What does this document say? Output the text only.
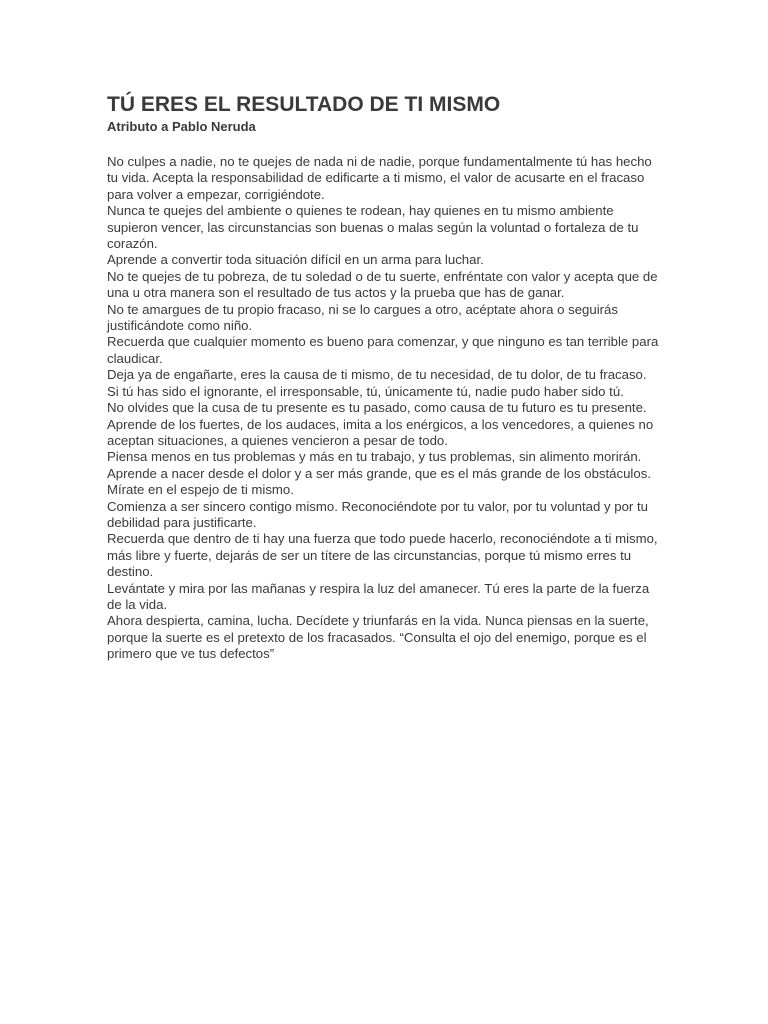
TÚ ERES EL RESULTADO DE TI MISMO
Atributo a Pablo Neruda

No culpes a nadie, no te quejes de nada ni de nadie, porque fundamentalmente tú has hecho tu vida. Acepta la responsabilidad de edificarte a ti mismo, el valor de acusarte en el fracaso para volver a empezar, corrigiéndote.

Nunca te quejes del ambiente o quienes te rodean, hay quienes en tu mismo ambiente supieron vencer, las circunstancias son buenas o malas según la voluntad o fortaleza de tu corazón.

Aprende a convertir toda situación difícil en un arma para luchar.

No te quejes de tu pobreza, de tu soledad o de tu suerte, enfréntate con valor y acepta que de una u otra manera son el resultado de tus actos y la prueba que has de ganar.

No te amargues de tu propio fracaso, ni se lo cargues a otro, acéptate ahora o seguirás justificándote como niño.

Recuerda que cualquier momento es bueno para comenzar, y que ninguno es tan terrible para claudicar.

Deja ya de engañarte, eres la causa de ti mismo, de tu necesidad, de tu dolor, de tu fracaso.

Si tú has sido el ignorante, el irresponsable, tú, únicamente tú, nadie pudo haber sido tú.

No olvides que la cusa de tu presente es tu pasado, como causa de tu futuro es tu presente.

Aprende de los fuertes, de los audaces, imita a los enérgicos, a los vencedores, a quienes no aceptan situaciones, a quienes vencieron a pesar de todo.

Piensa menos en tus problemas y más en tu trabajo, y tus problemas, sin alimento morirán.

Aprende a nacer desde el dolor y a ser más grande, que es el más grande de los obstáculos.

Mírate en el espejo de ti mismo.

Comienza a ser sincero contigo mismo. Reconociéndote por tu valor, por tu voluntad y por tu debilidad para justificarte.

Recuerda que dentro de ti hay una fuerza que todo puede hacerlo, reconociéndote a ti mismo, más libre y fuerte, dejarás de ser un títere de las circunstancias, porque tú mismo erres tu destino.

Levántate y mira por las mañanas y respira la luz del amanecer. Tú eres la parte de la fuerza de la vida.

Ahora despierta, camina, lucha. Decídete y triunfarás en la vida. Nunca piensas en la suerte, porque la suerte es el pretexto de los fracasados. “Consulta el ojo del enemigo, porque es el primero que ve tus defectos”
